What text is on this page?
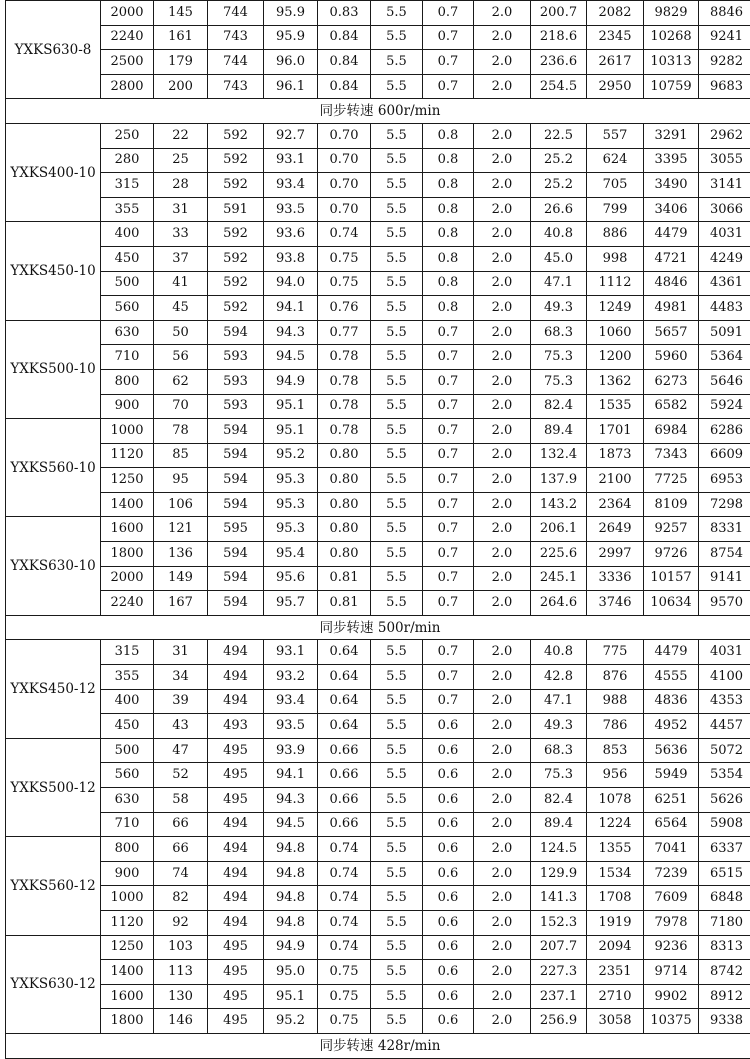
YXKS630-8	2000	145	744	95.9	0.83	5.5	0.7	2.0	200.7	2082	9829	8846
	2240	161	743	95.9	0.84	5.5	0.7	2.0	218.6	2345	10268	9241
	2500	179	744	96.0	0.84	5.5	0.7	2.0	236.6	2617	10313	9282
	2800	200	743	96.1	0.84	5.5	0.7	2.0	254.5	2950	10759	9683
同步转速 600r/min												
YXKS400-10	250	22	592	92.7	0.70	5.5	0.8	2.0	22.5	557	3291	2962
	280	25	592	93.1	0.70	5.5	0.8	2.0	25.2	624	3395	3055
	315	28	592	93.4	0.70	5.5	0.8	2.0	25.2	705	3490	3141
	355	31	591	93.5	0.70	5.5	0.8	2.0	26.6	799	3406	3066
YXKS450-10	400	33	592	93.6	0.74	5.5	0.8	2.0	40.8	886	4479	4031
	450	37	592	93.8	0.75	5.5	0.8	2.0	45.0	998	4721	4249
	500	41	592	94.0	0.75	5.5	0.8	2.0	47.1	1112	4846	4361
	560	45	592	94.1	0.76	5.5	0.8	2.0	49.3	1249	4981	4483
YXKS500-10	630	50	594	94.3	0.77	5.5	0.7	2.0	68.3	1060	5657	5091
	710	56	593	94.5	0.78	5.5	0.7	2.0	75.3	1200	5960	5364
	800	62	593	94.9	0.78	5.5	0.7	2.0	75.3	1362	6273	5646
	900	70	593	95.1	0.78	5.5	0.7	2.0	82.4	1535	6582	5924
YXKS560-10	1000	78	594	95.1	0.78	5.5	0.7	2.0	89.4	1701	6984	6286
	1120	85	594	95.2	0.80	5.5	0.7	2.0	132.4	1873	7343	6609
	1250	95	594	95.3	0.80	5.5	0.7	2.0	137.9	2100	7725	6953
	1400	106	594	95.3	0.80	5.5	0.7	2.0	143.2	2364	8109	7298
YXKS630-10	1600	121	595	95.3	0.80	5.5	0.7	2.0	206.1	2649	9257	8331
	1800	136	594	95.4	0.80	5.5	0.7	2.0	225.6	2997	9726	8754
	2000	149	594	95.6	0.81	5.5	0.7	2.0	245.1	3336	10157	9141
	2240	167	594	95.7	0.81	5.5	0.7	2.0	264.6	3746	10634	9570
同步转速 500r/min												
YXKS450-12	315	31	494	93.1	0.64	5.5	0.7	2.0	40.8	775	4479	4031
	355	34	494	93.2	0.64	5.5	0.7	2.0	42.8	876	4555	4100
	400	39	494	93.4	0.64	5.5	0.7	2.0	47.1	988	4836	4353
	450	43	493	93.5	0.64	5.5	0.6	2.0	49.3	786	4952	4457
YXKS500-12	500	47	495	93.9	0.66	5.5	0.6	2.0	68.3	853	5636	5072
	560	52	495	94.1	0.66	5.5	0.6	2.0	75.3	956	5949	5354
	630	58	495	94.3	0.66	5.5	0.6	2.0	82.4	1078	6251	5626
	710	66	494	94.5	0.66	5.5	0.6	2.0	89.4	1224	6564	5908
YXKS560-12	800	66	494	94.8	0.74	5.5	0.6	2.0	124.5	1355	7041	6337
	900	74	494	94.8	0.74	5.5	0.6	2.0	129.9	1534	7239	6515
	1000	82	494	94.8	0.74	5.5	0.6	2.0	141.3	1708	7609	6848
	1120	92	494	94.8	0.74	5.5	0.6	2.0	152.3	1919	7978	7180
YXKS630-12	1250	103	495	94.9	0.74	5.5	0.6	2.0	207.7	2094	9236	8313
	1400	113	495	95.0	0.75	5.5	0.6	2.0	227.3	2351	9714	8742
	1600	130	495	95.1	0.75	5.5	0.6	2.0	237.1	2710	9902	8912
	1800	146	495	95.2	0.75	5.5	0.6	2.0	256.9	3058	10375	9338
同步转速 428r/min												
